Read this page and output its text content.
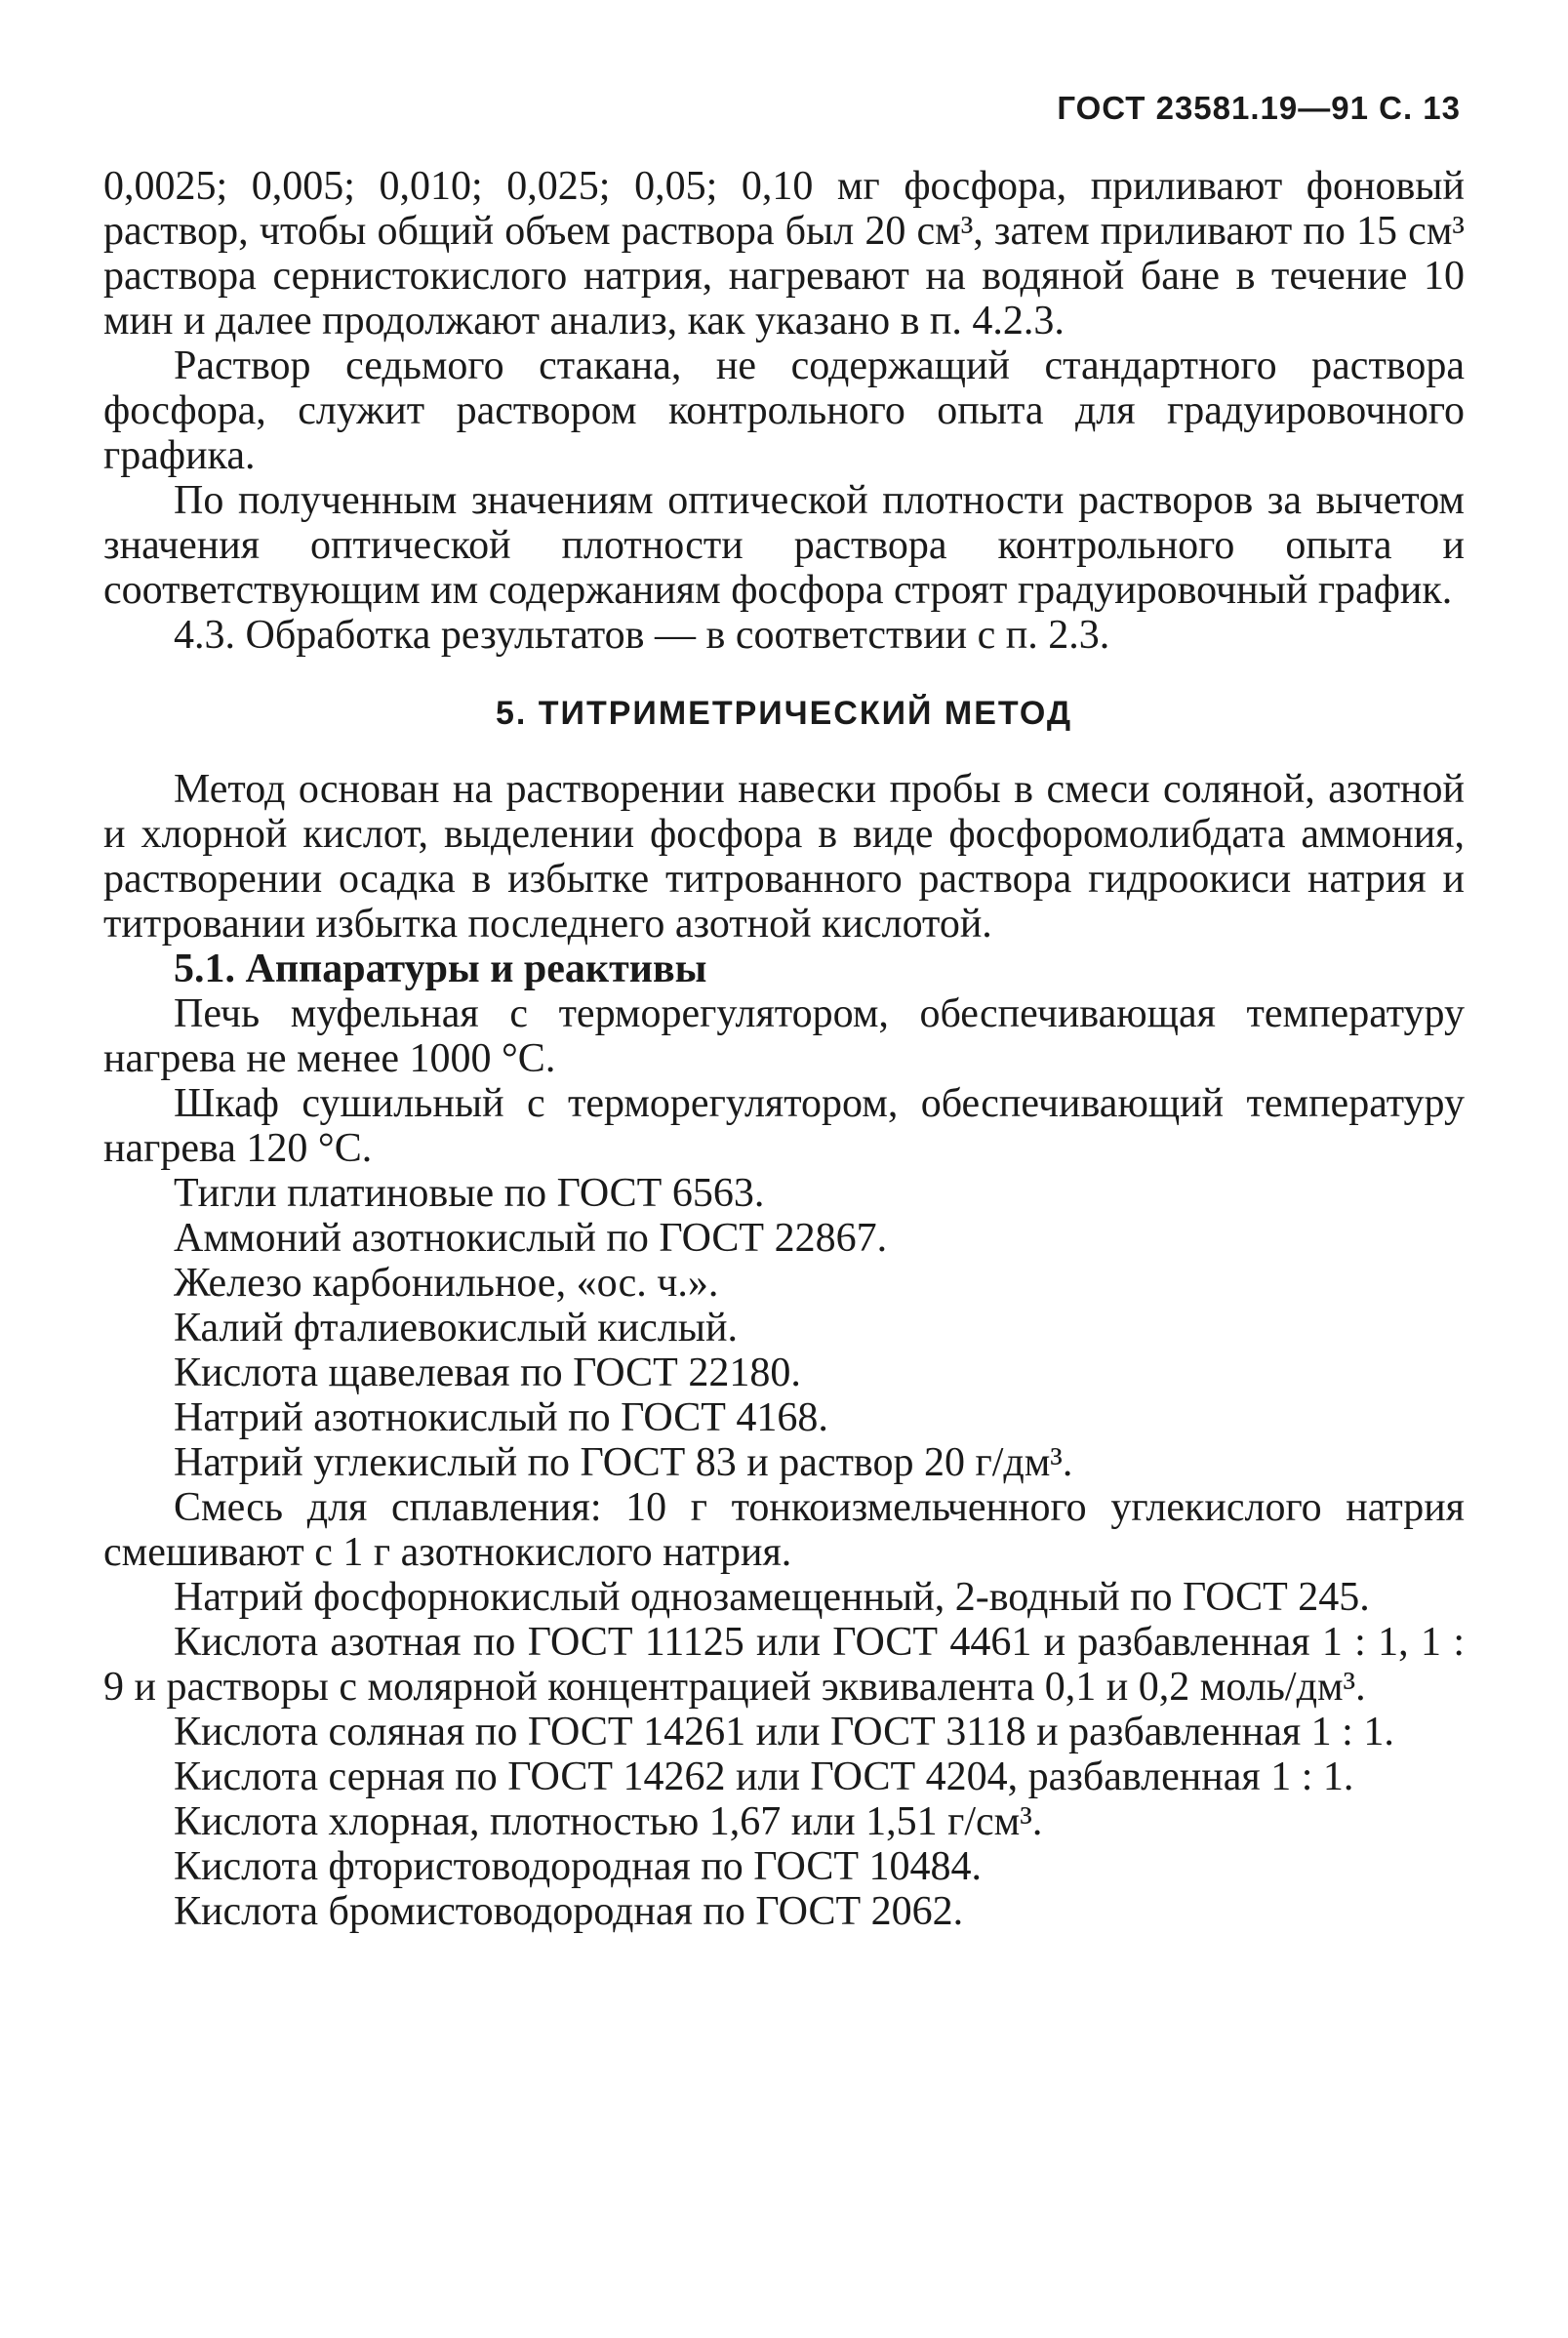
ГОСТ 23581.19—91 С. 13

0,0025; 0,005; 0,010; 0,025; 0,05; 0,10 мг фосфора, приливают фоновый раствор, чтобы общий объем раствора был 20 см³, затем приливают по 15 см³ раствора сернистокислого натрия, нагревают на водяной бане в течение 10 мин и далее продолжают анализ, как указано в п. 4.2.3.

Раствор седьмого стакана, не содержащий стандартного раствора фосфора, служит раствором контрольного опыта для градуировочного графика.

По полученным значениям оптической плотности растворов за вычетом значения оптической плотности раствора контрольного опыта и соответствующим им содержаниям фосфора строят градуировочный график.

4.3. Обработка результатов — в соответствии с п. 2.3.

5. ТИТРИМЕТРИЧЕСКИЙ МЕТОД

Метод основан на растворении навески пробы в смеси соляной, азотной и хлорной кислот, выделении фосфора в виде фосфоромолибдата аммония, растворении осадка в избытке титрованного раствора гидроокиси натрия и титровании избытка последнего азотной кислотой.

5.1. Аппаратуры и реактивы

Печь муфельная с терморегулятором, обеспечивающая температуру нагрева не менее 1000 °С.

Шкаф сушильный с терморегулятором, обеспечивающий температуру нагрева 120 °С.

Тигли платиновые по ГОСТ 6563.

Аммоний азотнокислый по ГОСТ 22867.

Железо карбонильное, «ос. ч.».

Калий фталиевокислый кислый.

Кислота щавелевая по ГОСТ 22180.

Натрий азотнокислый по ГОСТ 4168.

Натрий углекислый по ГОСТ 83 и раствор 20 г/дм³.

Смесь для сплавления: 10 г тонкоизмельченного углекислого натрия смешивают с 1 г азотнокислого натрия.

Натрий фосфорнокислый однозамещенный, 2-водный по ГОСТ 245.

Кислота азотная по ГОСТ 11125 или ГОСТ 4461 и разбавленная 1 : 1, 1 : 9 и растворы с молярной концентрацией эквивалента 0,1 и 0,2 моль/дм³.

Кислота соляная по ГОСТ 14261 или ГОСТ 3118 и разбавленная 1 : 1.

Кислота серная по ГОСТ 14262 или ГОСТ 4204, разбавленная 1 : 1.

Кислота хлорная, плотностью 1,67 или 1,51 г/см³.

Кислота фтористоводородная по ГОСТ 10484.

Кислота бромистоводородная по ГОСТ 2062.
